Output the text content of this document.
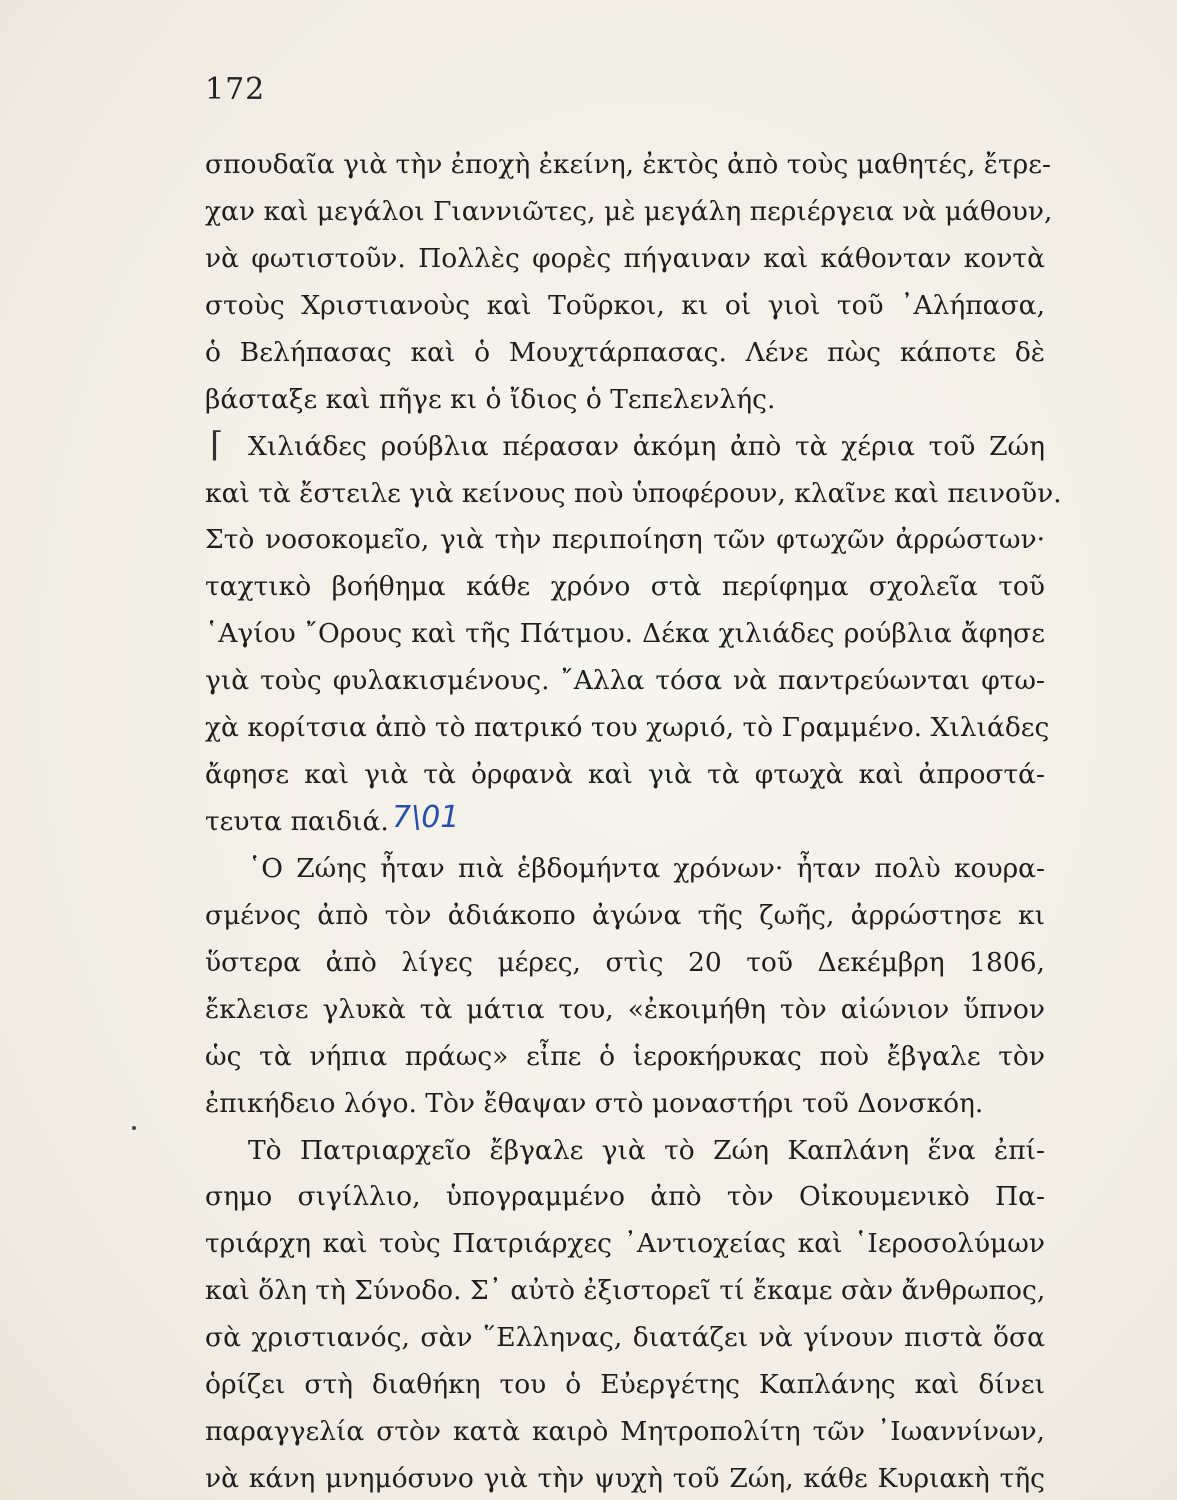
172
σπουδαῖα γιὰ τὴν ἐποχὴ ἐκείνη, ἐκτὸς ἀπὸ τοὺς μαθητές, ἔτρε-
χαν καὶ μεγάλοι Γιαννιῶτες, μὲ μεγάλη περιέργεια νὰ μάθουν,
νὰ φωτιστοῦν. Πολλὲς φορὲς πήγαιναν καὶ κάθονταν κοντὰ
στοὺς Χριστιανοὺς καὶ Τοῦρκοι, κι οἱ γιοὶ τοῦ ᾿Αλήπασα,
ὁ Βελήπασας καὶ ὁ Μουχτάρπασας. Λένε πὼς κάποτε δὲ
βάσταξε καὶ πῆγε κι ὁ ἴδιος ὁ Τεπελενλής.
⌈ Χιλιάδες ρούβλια πέρασαν ἀκόμη ἀπὸ τὰ χέρια τοῦ Ζώη
καὶ τὰ ἔστειλε γιὰ κείνους ποὺ ὑποφέρουν, κλαῖνε καὶ πεινοῦν.
Στὸ νοσοκομεῖο, γιὰ τὴν περιποίηση τῶν φτωχῶν ἀρρώστων·
ταχτικὸ βοήθημα κάθε χρόνο στὰ περίφημα σχολεῖα τοῦ
῾Αγίου ῎Ορους καὶ τῆς Πάτμου. Δέκα χιλιάδες ρούβλια ἄφησε
γιὰ τοὺς φυλακισμένους. ῎Αλλα τόσα νὰ παντρεύωνται φτω-
χὰ κορίτσια ἀπὸ τὸ πατρικό του χωριό, τὸ Γραμμένο. Χιλιάδες
ἄφησε καὶ γιὰ τὰ ὀρφανὰ καὶ γιὰ τὰ φτωχὰ καὶ ἀπροστά-
τευτα παιδιά. 7\01
῾Ο Ζώης ἦταν πιὰ ἑβδομήντα χρόνων· ἦταν πολὺ κουρα-
σμένος ἀπὸ τὸν ἀδιάκοπο ἀγώνα τῆς ζωῆς, ἀρρώστησε κι
ὕστερα ἀπὸ λίγες μέρες, στὶς 20 τοῦ Δεκέμβρη 1806,
ἔκλεισε γλυκὰ τὰ μάτια του, «ἐκοιμήθη τὸν αἰώνιον ὕπνον
ὡς τὰ νήπια πράως» εἶπε ὁ ἱεροκήρυκας ποὺ ἔβγαλε τὸν
ἐπικήδειο λόγο. Τὸν ἔθαψαν στὸ μοναστήρι τοῦ Δονσκόη.
Τὸ Πατριαρχεῖο ἔβγαλε γιὰ τὸ Ζώη Καπλάνη ἕνα ἐπί-
σημο σιγίλλιο, ὑπογραμμένο ἀπὸ τὸν Οἰκουμενικὸ Πα-
τριάρχη καὶ τοὺς Πατριάρχες ᾿Αντιοχείας καὶ ῾Ιεροσολύμων
καὶ ὅλη τὴ Σύνοδο. Σ᾿ αὐτὸ ἐξιστορεῖ τί ἔκαμε σὰν ἄνθρωπος,
σὰ χριστιανός, σὰν ῞Ελληνας, διατάζει νὰ γίνουν πιστὰ ὅσα
ὁρίζει στὴ διαθήκη του ὁ Εὐεργέτης Καπλάνης καὶ δίνει
παραγγελία στὸν κατὰ καιρὸ Μητροπολίτη τῶν ᾿Ιωαννίνων,
νὰ κάνη μνημόσυνο γιὰ τὴν ψυχὴ τοῦ Ζώη, κάθε Κυριακὴ τῆς
